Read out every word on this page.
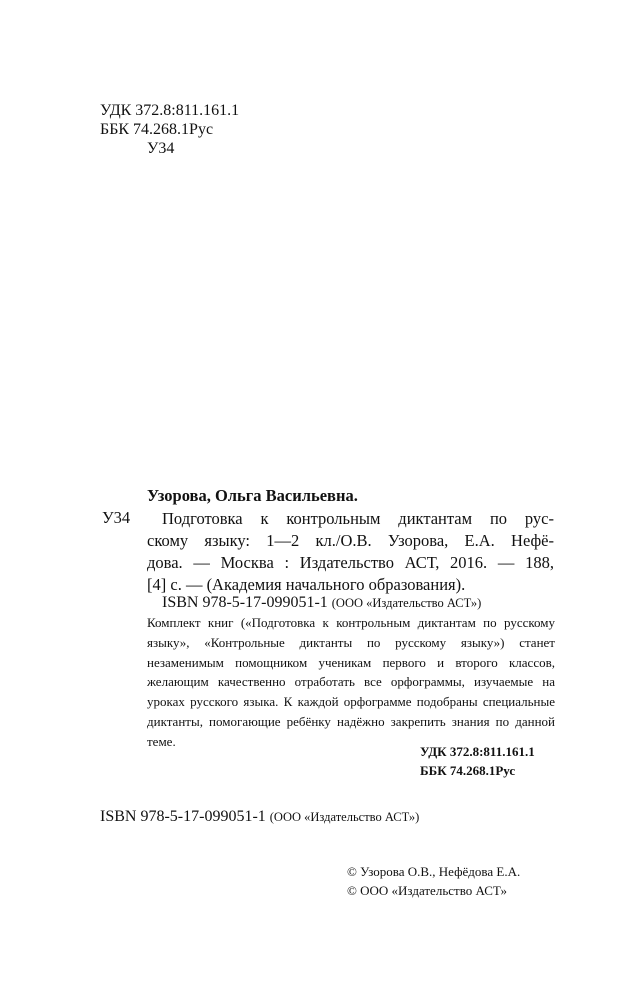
УДК 372.8:811.161.1
ББК 74.268.1Рус
У34
Узорова, Ольга Васильевна.
У34 Подготовка к контрольным диктантам по рус-
скому языку: 1—2 кл./О.В. Узорова, Е.А. Нефё-
дова. — Москва : Издательство АСТ, 2016. — 188,
[4] с. — (Академия начального образования).
ISBN 978-5-17-099051-1 (ООО «Издательство АСТ»)
Комплект книг («Подготовка к контрольным диктантам по русскому языку», «Контрольные диктанты по русскому языку») станет незаменимым помощником ученикам первого и второго классов, желающим качественно отработать все орфограммы, изучаемые на уроках русского языка. К каждой орфограмме подобраны специальные диктанты, помогающие ребёнку надёжно закрепить знания по данной теме.
УДК 372.8:811.161.1
ББК 74.268.1Рус
ISBN 978-5-17-099051-1 (ООО «Издательство АСТ»)
© Узорова О.В., Нефёдова Е.А.
© ООО «Издательство АСТ»
